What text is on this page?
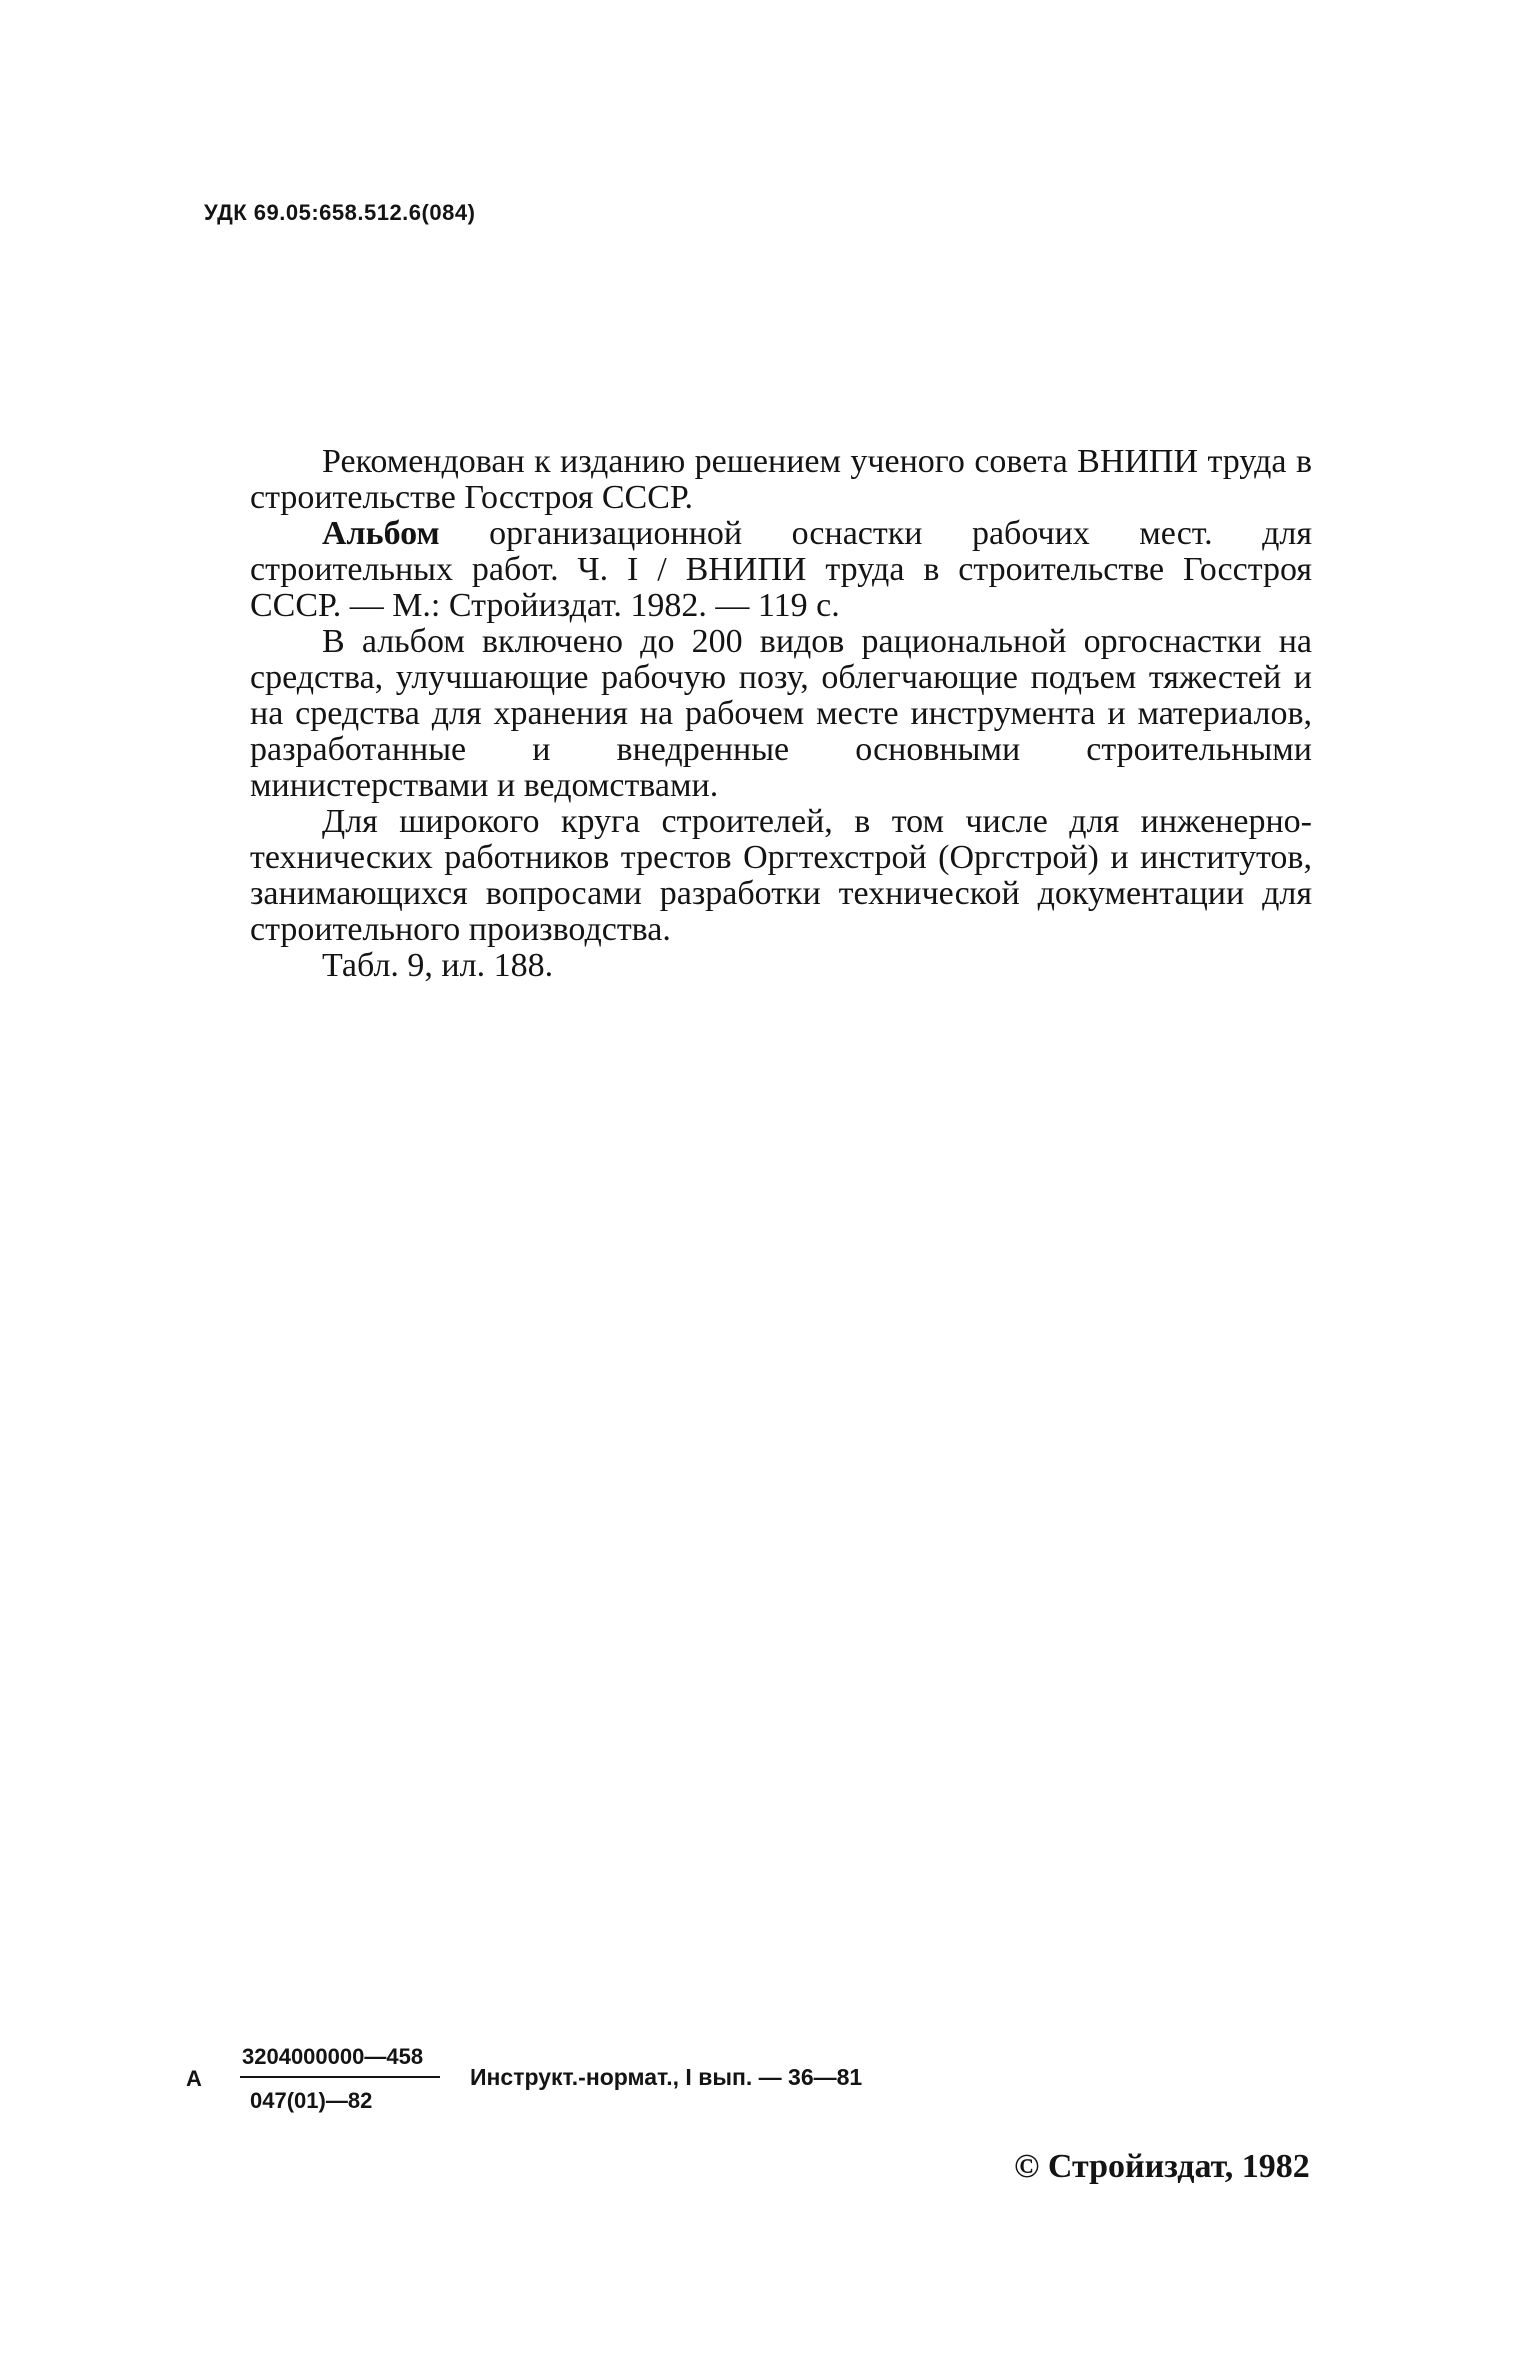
УДК 69.05:658.512.6(084)

Рекомендован к изданию решением ученого совета ВНИПИ труда в строительстве Госстроя СССР.

Альбом организационной оснастки рабочих мест. для строительных работ. Ч. I / ВНИПИ труда в строительстве Госстроя СССР. — М.: Стройиздат. 1982. — 119 с.

В альбом включено до 200 видов рациональной оргоснастки на средства, улучшающие рабочую позу, облегчающие подъем тяжестей и на средства для хранения на рабочем месте инструмента и материалов, разработанные и внедренные основными строительными министерствами и ведомствами.

Для широкого круга строителей, в том числе для инженерно-технических работников трестов Оргтехстрой (Оргстрой) и институтов, занимающихся вопросами разработки технической документации для строительного производства.

Табл. 9, ил. 188.

А
3204000000—458
047(01)—82
Инструкт.-нормат., I вып. — 36—81
© Стройиздат, 1982
